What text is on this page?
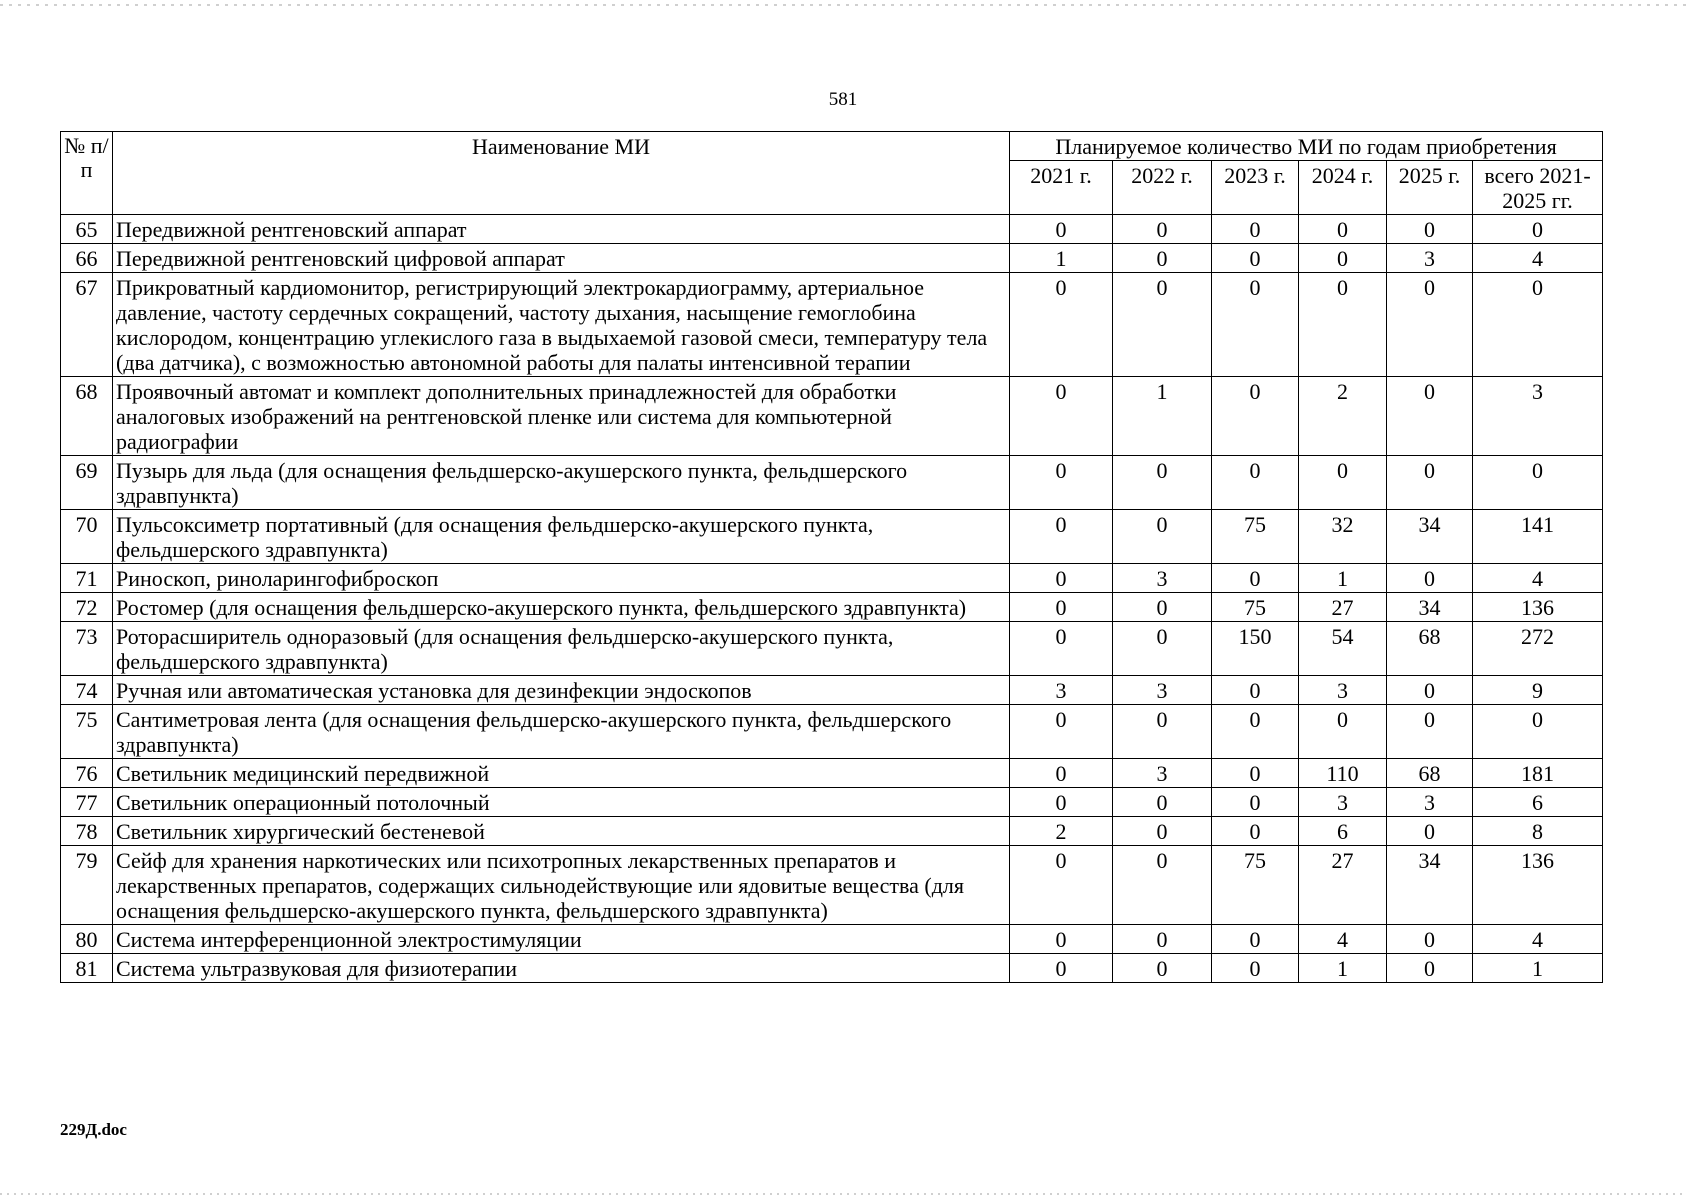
581
№ п/п	Наименование МИ	Планируемое количество МИ по годам приобретения					
		2021 г.	2022 г.	2023 г.	2024 г.	2025 г.	всего 2021-2025 гг.
65	Передвижной рентгеновский аппарат	0	0	0	0	0	0
66	Передвижной рентгеновский цифровой аппарат	1	0	0	0	3	4
67	Прикроватный кардиомонитор, регистрирующий электрокардиограмму, артериальное давление, частоту сердечных сокращений, частоту дыхания, насыщение гемоглобина кислородом, концентрацию углекислого газа в выдыхаемой газовой смеси, температуру тела (два датчика), с возможностью автономной работы для палаты интенсивной терапии	0	0	0	0	0	0
68	Проявочный автомат и комплект дополнительных принадлежностей для обработки аналоговых изображений на рентгеновской пленке или система для компьютерной радиографии	0	1	0	2	0	3
69	Пузырь для льда (для оснащения фельдшерско-акушерского пункта, фельдшерского здравпункта)	0	0	0	0	0	0
70	Пульсоксиметр портативный (для оснащения фельдшерско-акушерского пункта, фельдшерского здравпункта)	0	0	75	32	34	141
71	Риноскоп, риноларингофиброскоп	0	3	0	1	0	4
72	Ростомер (для оснащения фельдшерско-акушерского пункта, фельдшерского здравпункта)	0	0	75	27	34	136
73	Роторасширитель одноразовый (для оснащения фельдшерско-акушерского пункта, фельдшерского здравпункта)	0	0	150	54	68	272
74	Ручная или автоматическая установка для дезинфекции эндоскопов	3	3	0	3	0	9
75	Сантиметровая лента (для оснащения фельдшерско-акушерского пункта, фельдшерского здравпункта)	0	0	0	0	0	0
76	Светильник медицинский передвижной	0	3	0	110	68	181
77	Светильник операционный потолочный	0	0	0	3	3	6
78	Светильник хирургический бестеневой	2	0	0	6	0	8
79	Сейф для хранения наркотических или психотропных лекарственных препаратов и лекарственных препаратов, содержащих сильнодействующие или ядовитые вещества (для оснащения фельдшерско-акушерского пункта, фельдшерского здравпункта)	0	0	75	27	34	136
80	Система интерференционной электростимуляции	0	0	0	4	0	4
81	Система ультразвуковая для физиотерапии	0	0	0	1	0	1
229Д.doc
